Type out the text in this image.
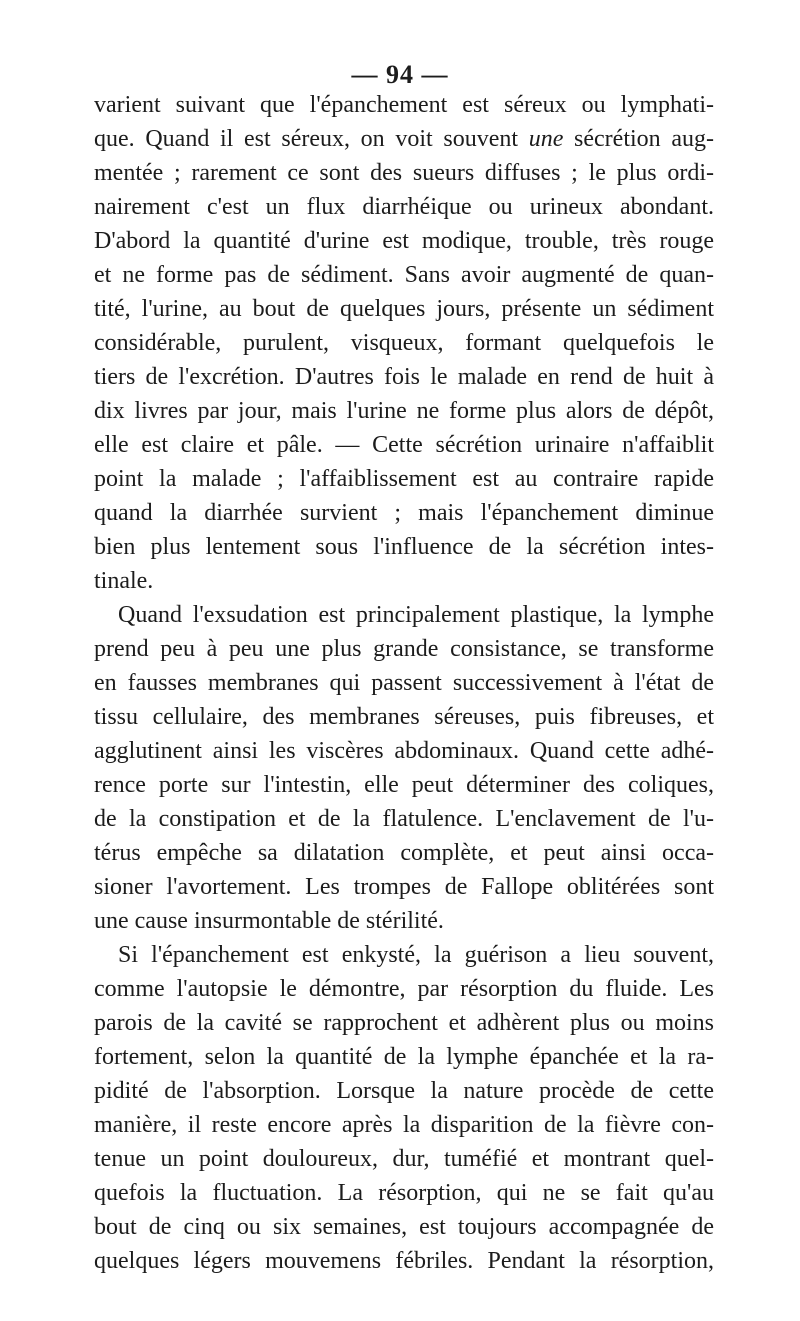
— 94 —
varient suivant que l'épanchement est séreux ou lymphati-
que. Quand il est séreux, on voit souvent une sécrétion aug-
mentée ; rarement ce sont des sueurs diffuses ; le plus ordi-
nairement c'est un flux diarrhéique ou urineux abondant.
D'abord la quantité d'urine est modique, trouble, très rouge
et ne forme pas de sédiment. Sans avoir augmenté de quan-
tité, l'urine, au bout de quelques jours, présente un sédiment
considérable, purulent, visqueux, formant quelquefois le
tiers de l'excrétion. D'autres fois le malade en rend de huit à
dix livres par jour, mais l'urine ne forme plus alors de dépôt,
elle est claire et pâle. — Cette sécrétion urinaire n'affaiblit
point la malade ; l'affaiblissement est au contraire rapide
quand la diarrhée survient ; mais l'épanchement diminue
bien plus lentement sous l'influence de la sécrétion intes-
tinale.
Quand l'exsudation est principalement plastique, la lymphe
prend peu à peu une plus grande consistance, se transforme
en fausses membranes qui passent successivement à l'état de
tissu cellulaire, des membranes séreuses, puis fibreuses, et
agglutinent ainsi les viscères abdominaux. Quand cette adhé-
rence porte sur l'intestin, elle peut déterminer des coliques,
de la constipation et de la flatulence. L'enclavement de l'u-
térus empêche sa dilatation complète, et peut ainsi occa-
sioner l'avortement. Les trompes de Fallope oblitérées sont
une cause insurmontable de stérilité.
Si l'épanchement est enkysté, la guérison a lieu souvent,
comme l'autopsie le démontre, par résorption du fluide. Les
parois de la cavité se rapprochent et adhèrent plus ou moins
fortement, selon la quantité de la lymphe épanchée et la ra-
pidité de l'absorption. Lorsque la nature procède de cette
manière, il reste encore après la disparition de la fièvre con-
tenue un point douloureux, dur, tuméfié et montrant quel-
quefois la fluctuation. La résorption, qui ne se fait qu'au
bout de cinq ou six semaines, est toujours accompagnée de
quelques légers mouvemens fébriles. Pendant la résorption,
